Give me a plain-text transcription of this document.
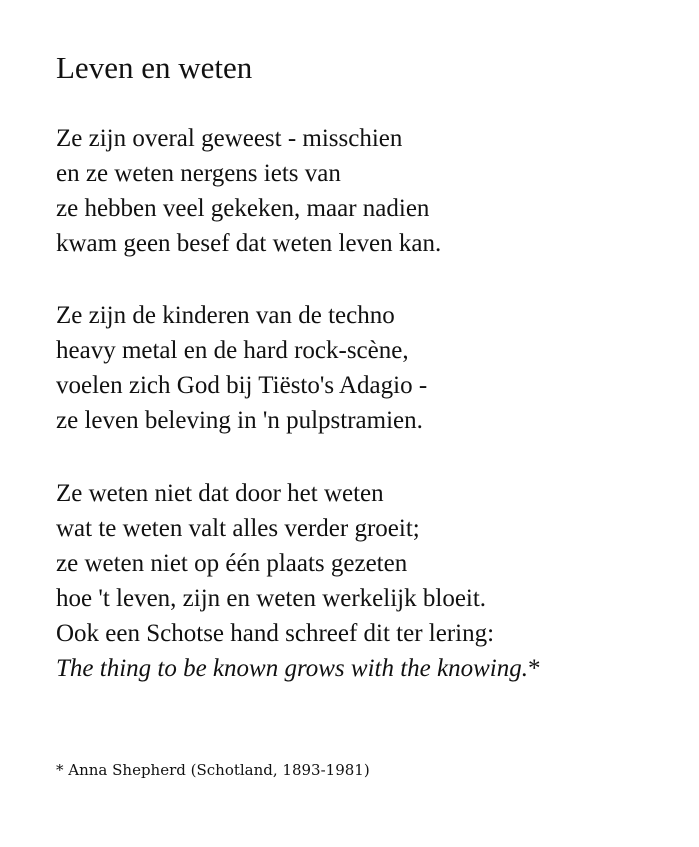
Leven en weten
Ze zijn overal geweest - misschien
en ze weten nergens iets van
ze hebben veel gekeken, maar nadien
kwam geen besef dat weten leven kan.
Ze zijn de kinderen van de techno
heavy metal en de hard rock-scène,
voelen zich God bij Tiësto's Adagio -
ze leven beleving in 'n pulpstramien.
Ze weten niet dat door het weten
wat te weten valt alles verder groeit;
ze weten niet op één plaats gezeten
hoe 't leven, zijn en weten werkelijk bloeit.
Ook een Schotse hand schreef dit ter lering:
The thing to be known grows with the knowing.*

* Anna Shepherd (Schotland, 1893-1981)
